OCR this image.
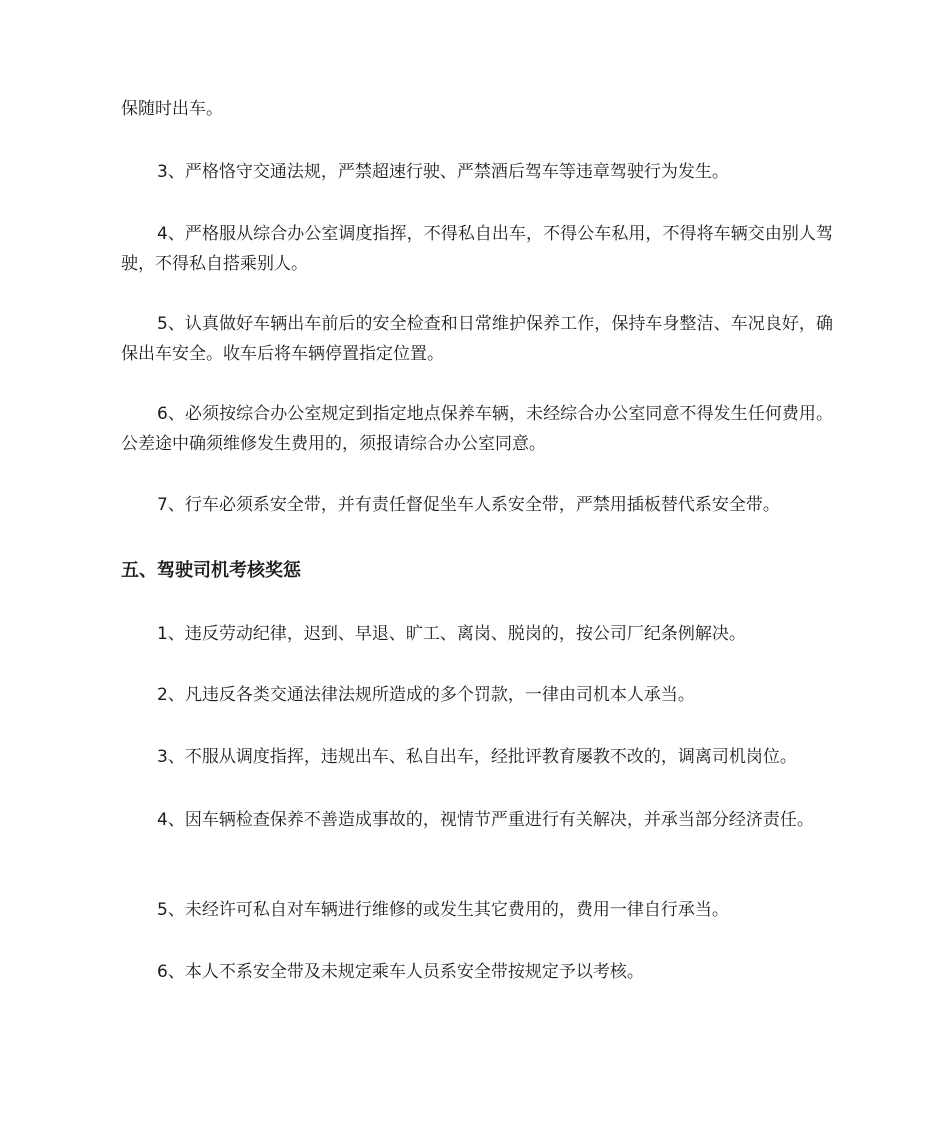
保随时出车。

3、严格恪守交通法规，严禁超速行驶、严禁酒后驾车等违章驾驶行为发生。

4、严格服从综合办公室调度指挥，不得私自出车，不得公车私用，不得将车辆交由别人驾驶，不得私自搭乘别人。

5、认真做好车辆出车前后的安全检查和日常维护保养工作，保持车身整洁、车况良好，确保出车安全。收车后将车辆停置指定位置。

6、必须按综合办公室规定到指定地点保养车辆，未经综合办公室同意不得发生任何费用。公差途中确须维修发生费用的，须报请综合办公室同意。

7、行车必须系安全带，并有责任督促坐车人系安全带，严禁用插板替代系安全带。

五、驾驶司机考核奖惩

1、违反劳动纪律，迟到、早退、旷工、离岗、脱岗的，按公司厂纪条例解决。

2、凡违反各类交通法律法规所造成的多个罚款，一律由司机本人承当。

3、不服从调度指挥，违规出车、私自出车，经批评教育屡教不改的，调离司机岗位。

4、因车辆检查保养不善造成事故的，视情节严重进行有关解决，并承当部分经济责任。

5、未经许可私自对车辆进行维修的或发生其它费用的，费用一律自行承当。

6、本人不系安全带及未规定乘车人员系安全带按规定予以考核。
